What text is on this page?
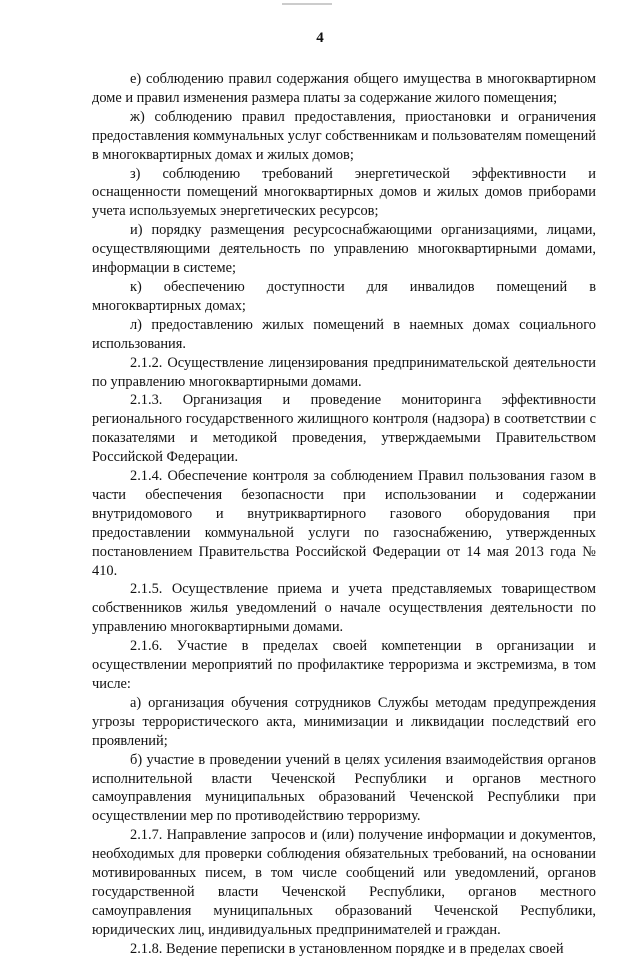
4

е) соблюдению правил содержания общего имущества в многоквартирном доме и правил изменения размера платы за содержание жилого помещения;

ж) соблюдению правил предоставления, приостановки и ограничения предоставления коммунальных услуг собственникам и пользователям помещений в многоквартирных домах и жилых домов;

з) соблюдению требований энергетической эффективности и оснащенности помещений многоквартирных домов и жилых домов приборами учета используемых энергетических ресурсов;

и) порядку размещения ресурсоснабжающими организациями, лицами, осуществляющими деятельность по управлению многоквартирными домами, информации в системе;

к) обеспечению доступности для инвалидов помещений в многоквартирных домах;

л) предоставлению жилых помещений в наемных домах социального использования.

2.1.2. Осуществление лицензирования предпринимательской деятельности по управлению многоквартирными домами.

2.1.3. Организация и проведение мониторинга эффективности регионального государственного жилищного контроля (надзора) в соответствии с показателями и методикой проведения, утверждаемыми Правительством Российской Федерации.

2.1.4. Обеспечение контроля за соблюдением Правил пользования газом в части обеспечения безопасности при использовании и содержании внутридомового и внутриквартирного газового оборудования при предоставлении коммунальной услуги по газоснабжению, утвержденных постановлением Правительства Российской Федерации от 14 мая 2013 года № 410.

2.1.5. Осуществление приема и учета представляемых товариществом собственников жилья уведомлений о начале осуществления деятельности по управлению многоквартирными домами.

2.1.6. Участие в пределах своей компетенции в организации и осуществлении мероприятий по профилактике терроризма и экстремизма, в том числе:

а) организация обучения сотрудников Службы методам предупреждения угрозы террористического акта, минимизации и ликвидации последствий его проявлений;

б) участие в проведении учений в целях усиления взаимодействия органов исполнительной власти Чеченской Республики и органов местного самоуправления муниципальных образований Чеченской Республики при осуществлении мер по противодействию терроризму.

2.1.7. Направление запросов и (или) получение информации и документов, необходимых для проверки соблюдения обязательных требований, на основании мотивированных писем, в том числе сообщений или уведомлений, органов государственной власти Чеченской Республики, органов местного самоуправления муниципальных образований Чеченской Республики, юридических лиц, индивидуальных предпринимателей и граждан.

2.1.8. Ведение переписки в установленном порядке и в пределах своей
